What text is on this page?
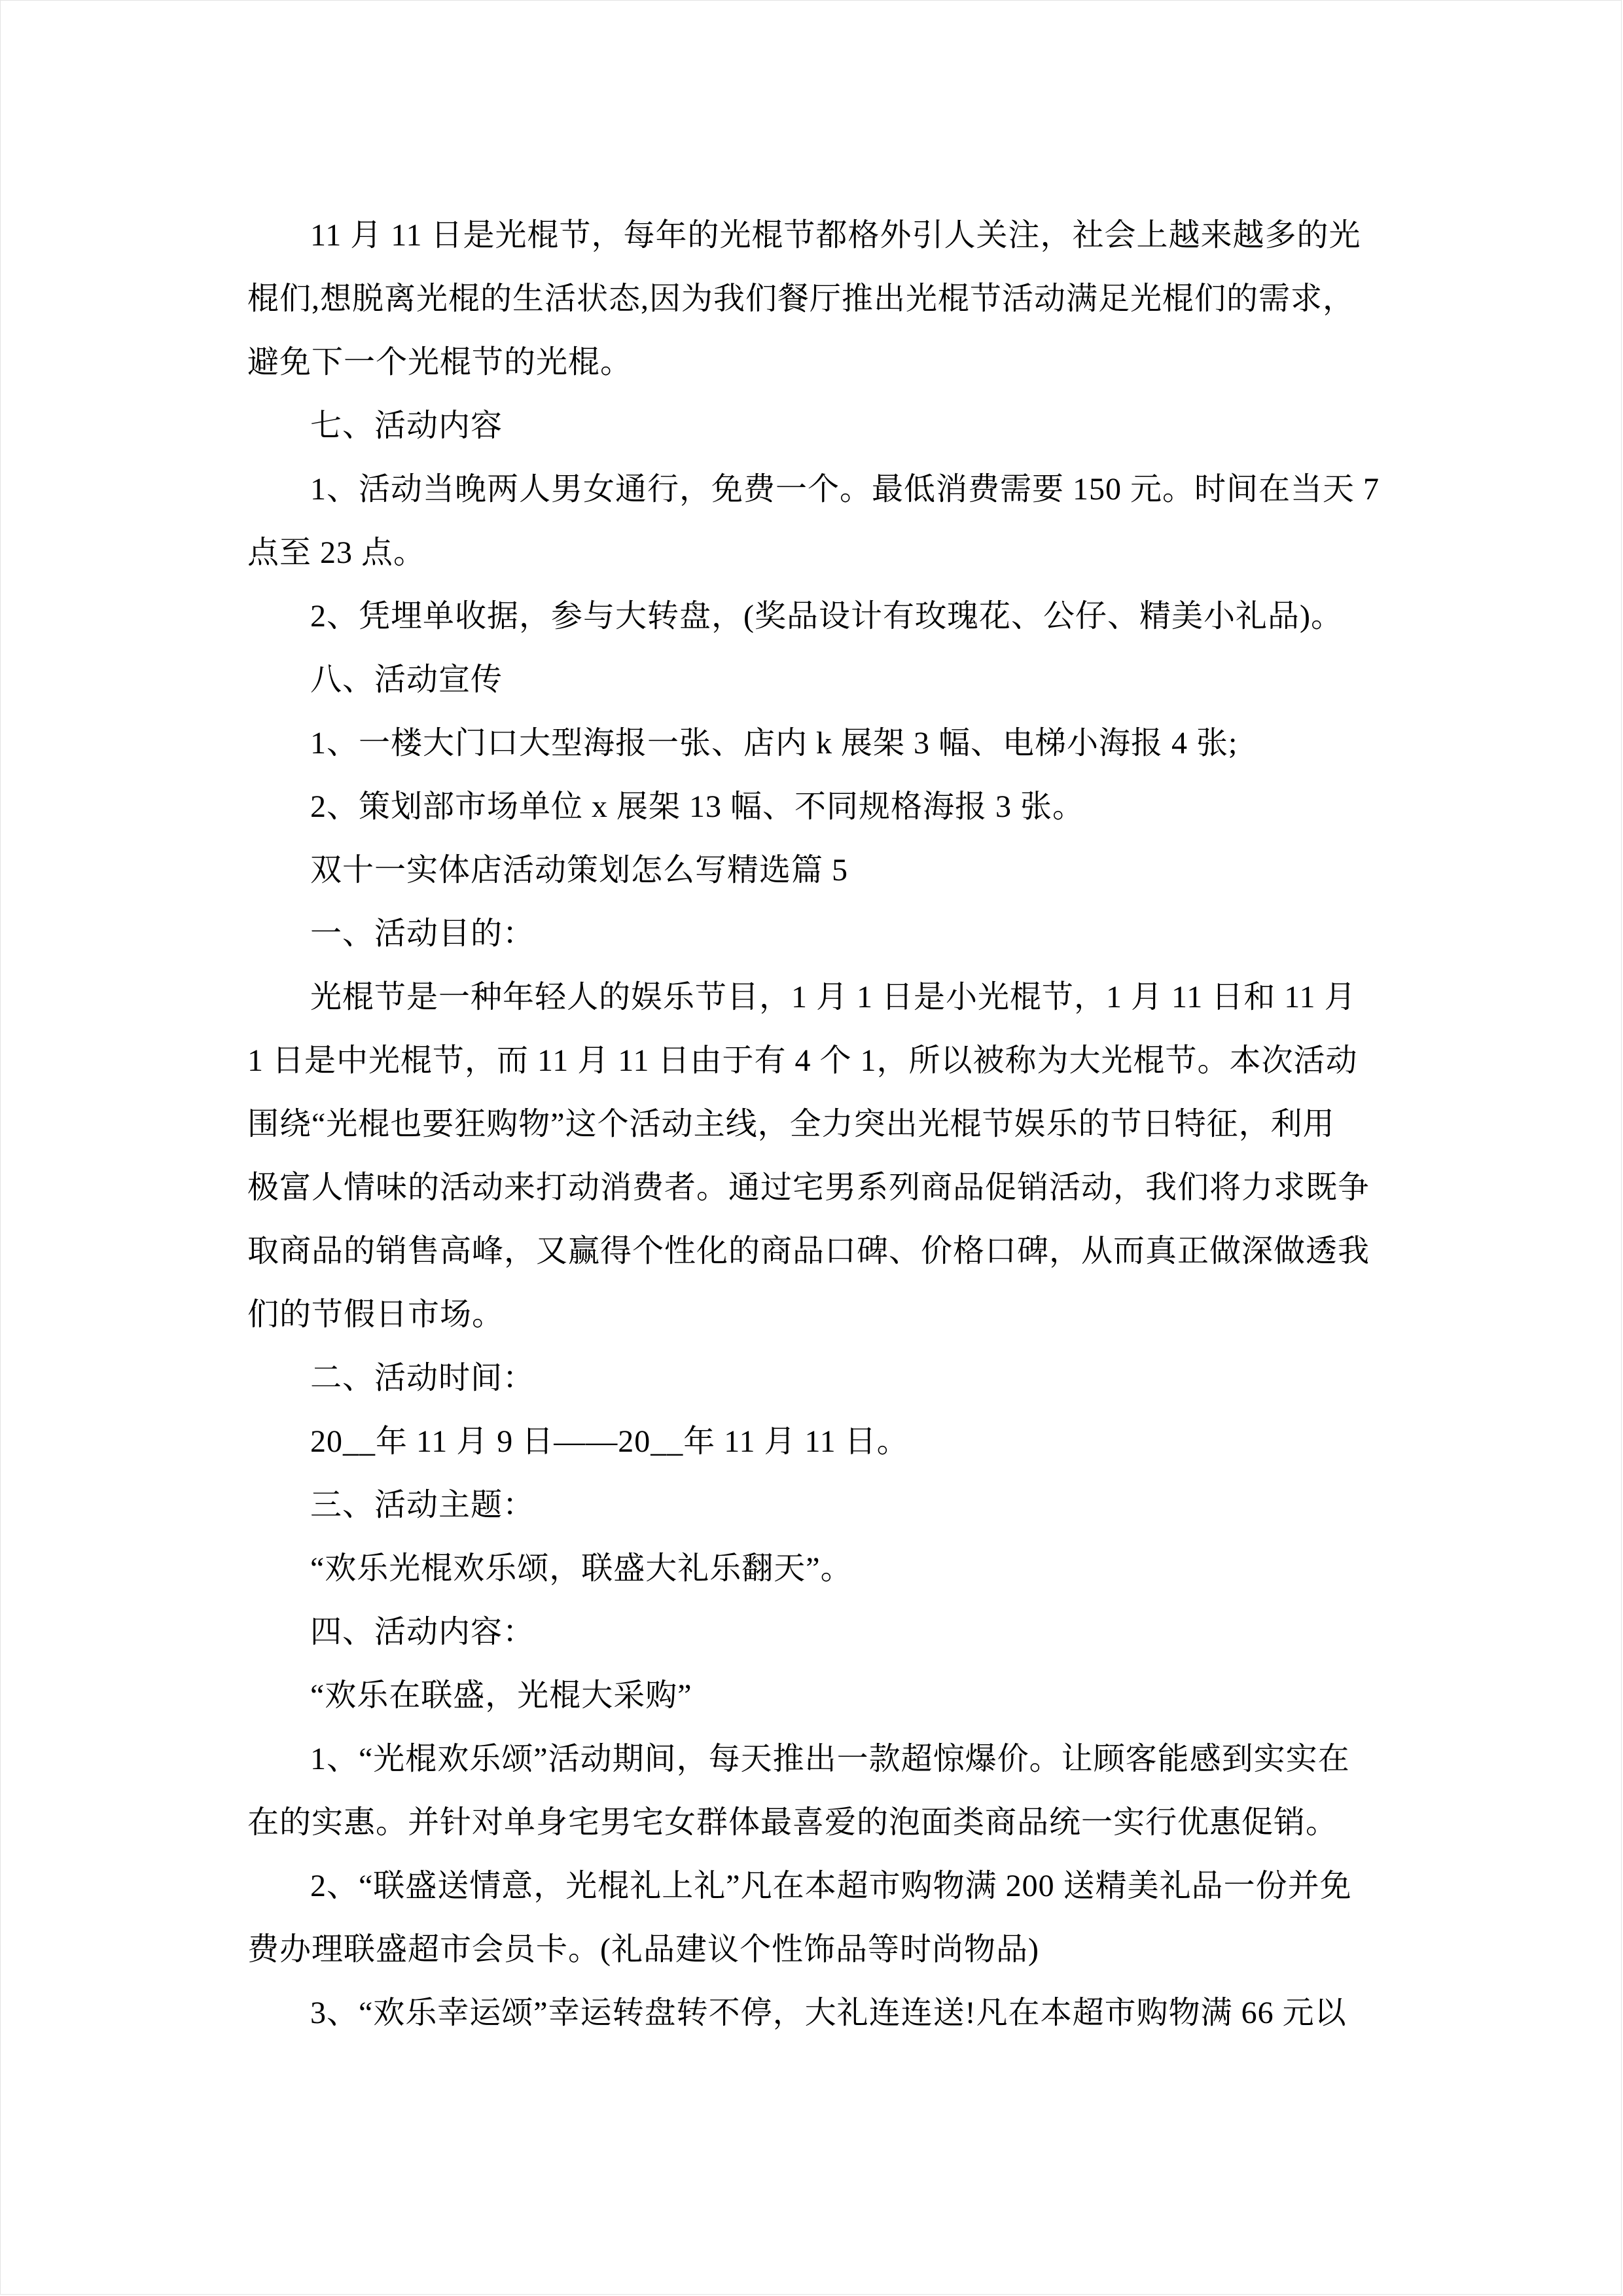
11 月 11 日是光棍节，每年的光棍节都格外引人关注，社会上越来越多的光
棍们,想脱离光棍的生活状态,因为我们餐厅推出光棍节活动满足光棍们的需求，
避免下一个光棍节的光棍。
七、活动内容
1、活动当晚两人男女通行，免费一个。最低消费需要 150 元。时间在当天 7
点至 23 点。
2、凭埋单收据，参与大转盘，(奖品设计有玫瑰花、公仔、精美小礼品)。
八、活动宣传
1、一楼大门口大型海报一张、店内 k 展架 3 幅、电梯小海报 4 张;
2、策划部市场单位 x 展架 13 幅、不同规格海报 3 张。
双十一实体店活动策划怎么写精选篇 5
一、活动目的：
光棍节是一种年轻人的娱乐节目，1 月 1 日是小光棍节，1 月 11 日和 11 月
1 日是中光棍节，而 11 月 11 日由于有 4 个 1，所以被称为大光棍节。本次活动
围绕“光棍也要狂购物”这个活动主线，全力突出光棍节娱乐的节日特征，利用
极富人情味的活动来打动消费者。通过宅男系列商品促销活动，我们将力求既争
取商品的销售高峰，又赢得个性化的商品口碑、价格口碑，从而真正做深做透我
们的节假日市场。
二、活动时间：
20__年 11 月 9 日——20__年 11 月 11 日。
三、活动主题：
“欢乐光棍欢乐颂，联盛大礼乐翻天”。
四、活动内容：
“欢乐在联盛，光棍大采购”
1、“光棍欢乐颂”活动期间，每天推出一款超惊爆价。让顾客能感到实实在
在的实惠。并针对单身宅男宅女群体最喜爱的泡面类商品统一实行优惠促销。
2、“联盛送情意，光棍礼上礼”凡在本超市购物满 200 送精美礼品一份并免
费办理联盛超市会员卡。(礼品建议个性饰品等时尚物品)
3、“欢乐幸运颂”幸运转盘转不停，大礼连连送!凡在本超市购物满 66 元以
